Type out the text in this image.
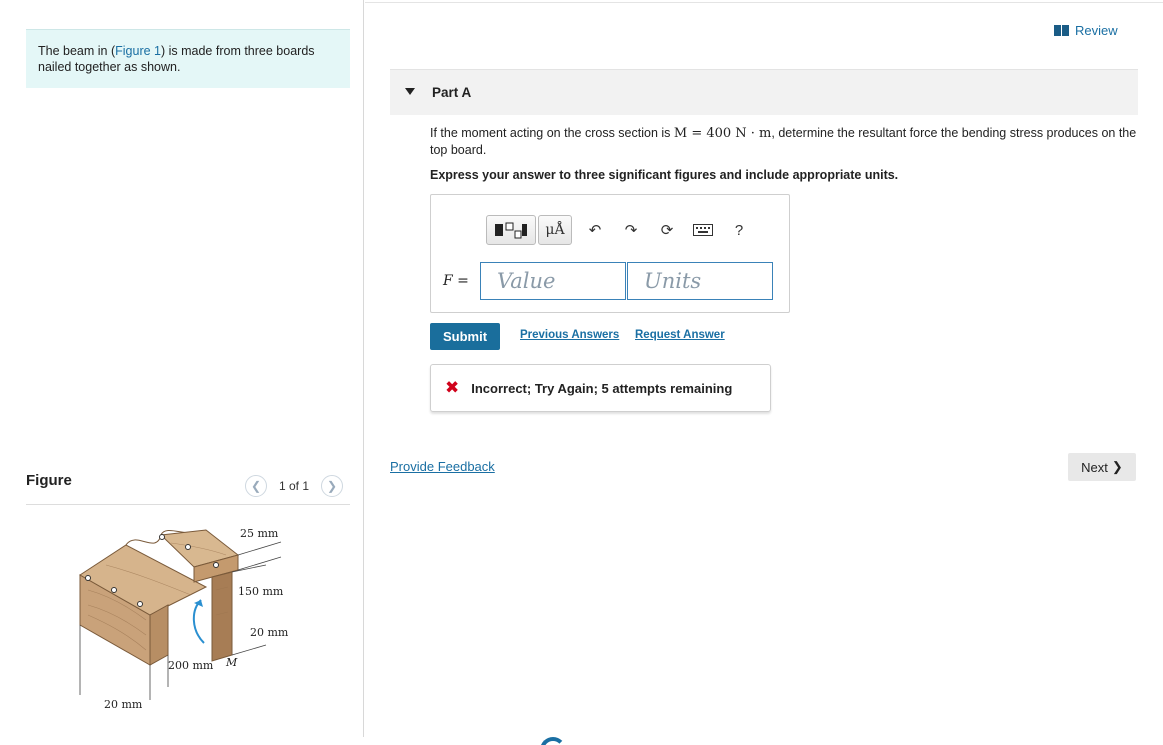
The beam in (Figure 1) is made from three boards nailed together as shown.
Figure	❮	1 of 1	❯
25 mm
150 mm
20 mm
200 mm M
20 mm
Review
Part A
If the moment acting on the cross section is M = 400 N · m, determine the resultant force the bending stress produces on the top board.
Express your answer to three significant figures and include appropriate units.
μÅ	↶	↷	⟳	?
F =	Value	Units
Submit	Previous Answers Request Answer
✖ Incorrect; Try Again; 5 attempts remaining
Provide Feedback	Next ❯
